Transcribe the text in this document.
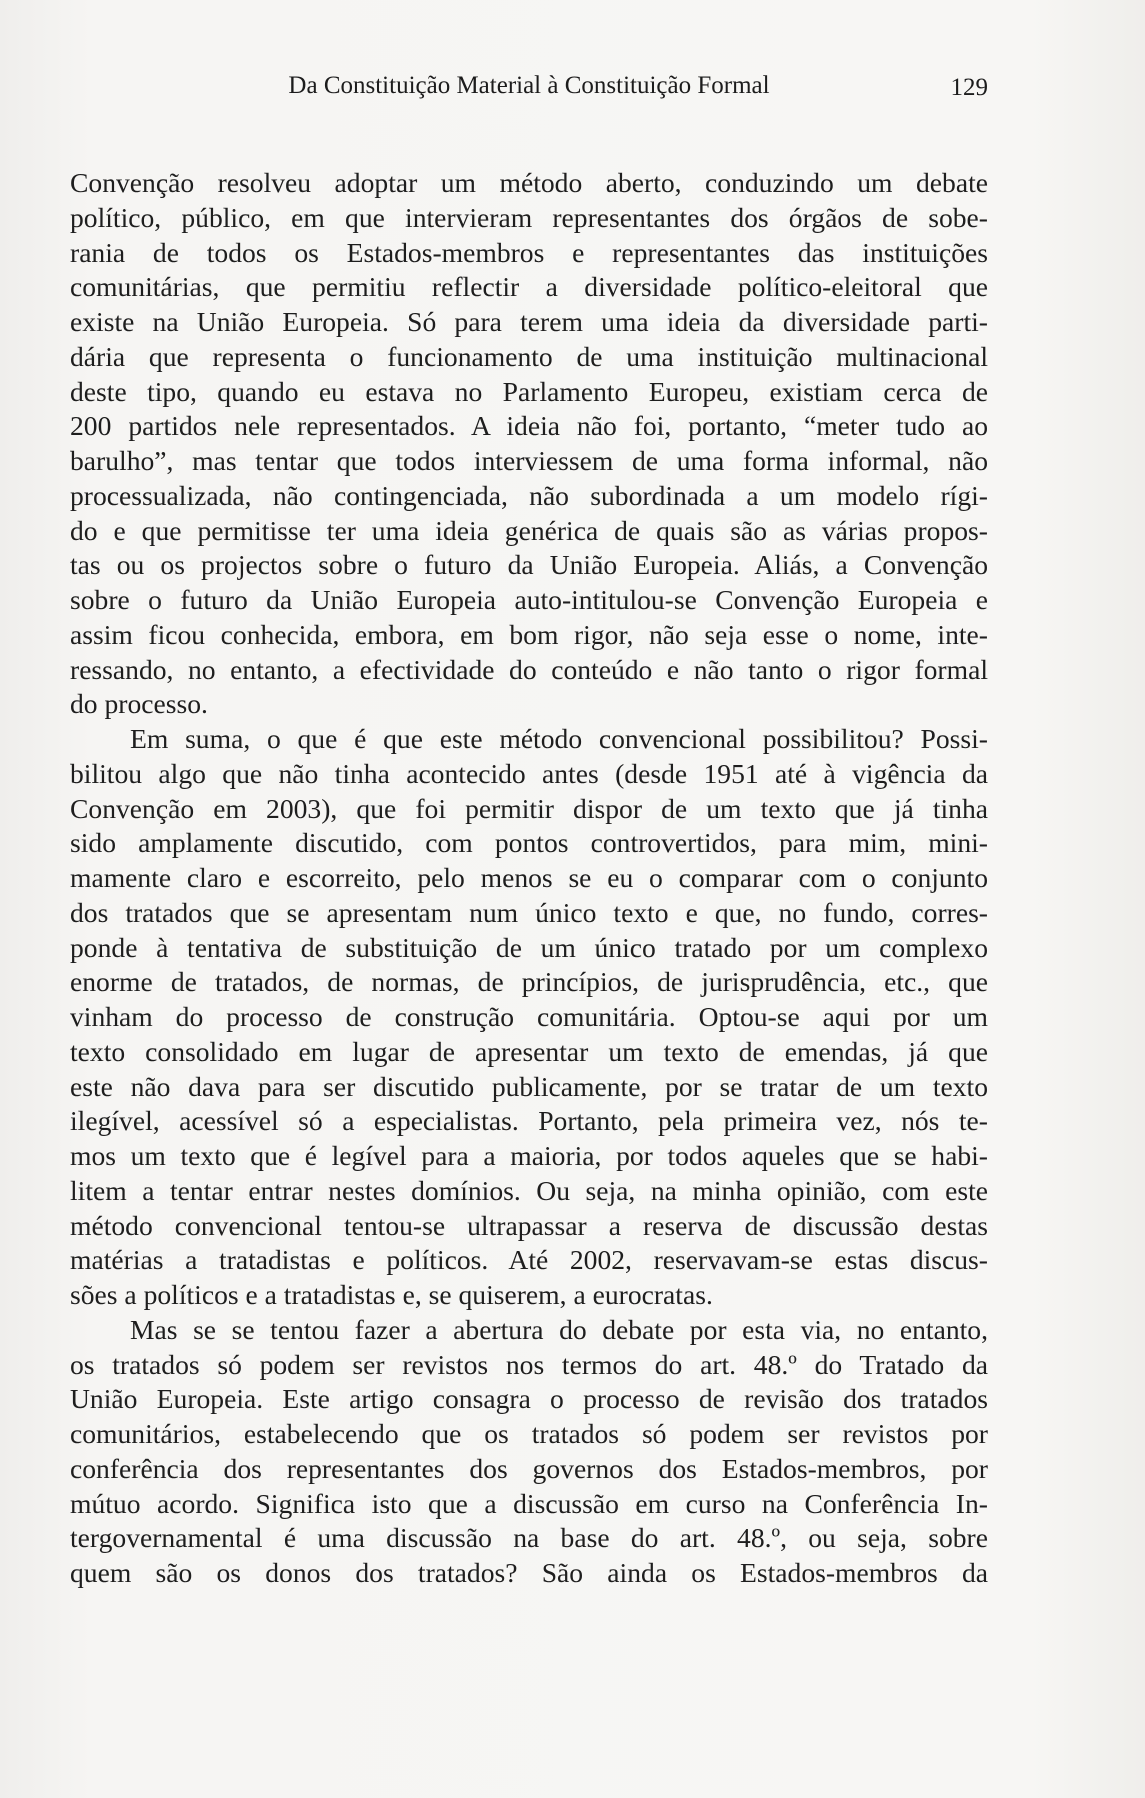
Da Constituição Material à Constituição Formal	129

Convenção resolveu adoptar um método aberto, conduzindo um debate
político, público, em que intervieram representantes dos órgãos de sobe-
rania de todos os Estados-membros e representantes das instituições
comunitárias, que permitiu reflectir a diversidade político-eleitoral que
existe na União Europeia. Só para terem uma ideia da diversidade parti-
dária que representa o funcionamento de uma instituição multinacional
deste tipo, quando eu estava no Parlamento Europeu, existiam cerca de
200 partidos nele representados. A ideia não foi, portanto, “meter tudo ao
barulho”, mas tentar que todos interviessem de uma forma informal, não
processualizada, não contingenciada, não subordinada a um modelo rígi-
do e que permitisse ter uma ideia genérica de quais são as várias propos-
tas ou os projectos sobre o futuro da União Europeia. Aliás, a Convenção
sobre o futuro da União Europeia auto-intitulou-se Convenção Europeia e
assim ficou conhecida, embora, em bom rigor, não seja esse o nome, inte-
ressando, no entanto, a efectividade do conteúdo e não tanto o rigor formal
do processo.

Em suma, o que é que este método convencional possibilitou? Possi-
bilitou algo que não tinha acontecido antes (desde 1951 até à vigência da
Convenção em 2003), que foi permitir dispor de um texto que já tinha
sido amplamente discutido, com pontos controvertidos, para mim, mini-
mamente claro e escorreito, pelo menos se eu o comparar com o conjunto
dos tratados que se apresentam num único texto e que, no fundo, corres-
ponde à tentativa de substituição de um único tratado por um complexo
enorme de tratados, de normas, de princípios, de jurisprudência, etc., que
vinham do processo de construção comunitária. Optou-se aqui por um
texto consolidado em lugar de apresentar um texto de emendas, já que
este não dava para ser discutido publicamente, por se tratar de um texto
ilegível, acessível só a especialistas. Portanto, pela primeira vez, nós te-
mos um texto que é legível para a maioria, por todos aqueles que se habi-
litem a tentar entrar nestes domínios. Ou seja, na minha opinião, com este
método convencional tentou-se ultrapassar a reserva de discussão destas
matérias a tratadistas e políticos. Até 2002, reservavam-se estas discus-
sões a políticos e a tratadistas e, se quiserem, a eurocratas.

Mas se se tentou fazer a abertura do debate por esta via, no entanto,
os tratados só podem ser revistos nos termos do art. 48.º do Tratado da
União Europeia. Este artigo consagra o processo de revisão dos tratados
comunitários, estabelecendo que os tratados só podem ser revistos por
conferência dos representantes dos governos dos Estados-membros, por
mútuo acordo. Significa isto que a discussão em curso na Conferência In-
tergovernamental é uma discussão na base do art. 48.º, ou seja, sobre
quem são os donos dos tratados? São ainda os Estados-membros da
